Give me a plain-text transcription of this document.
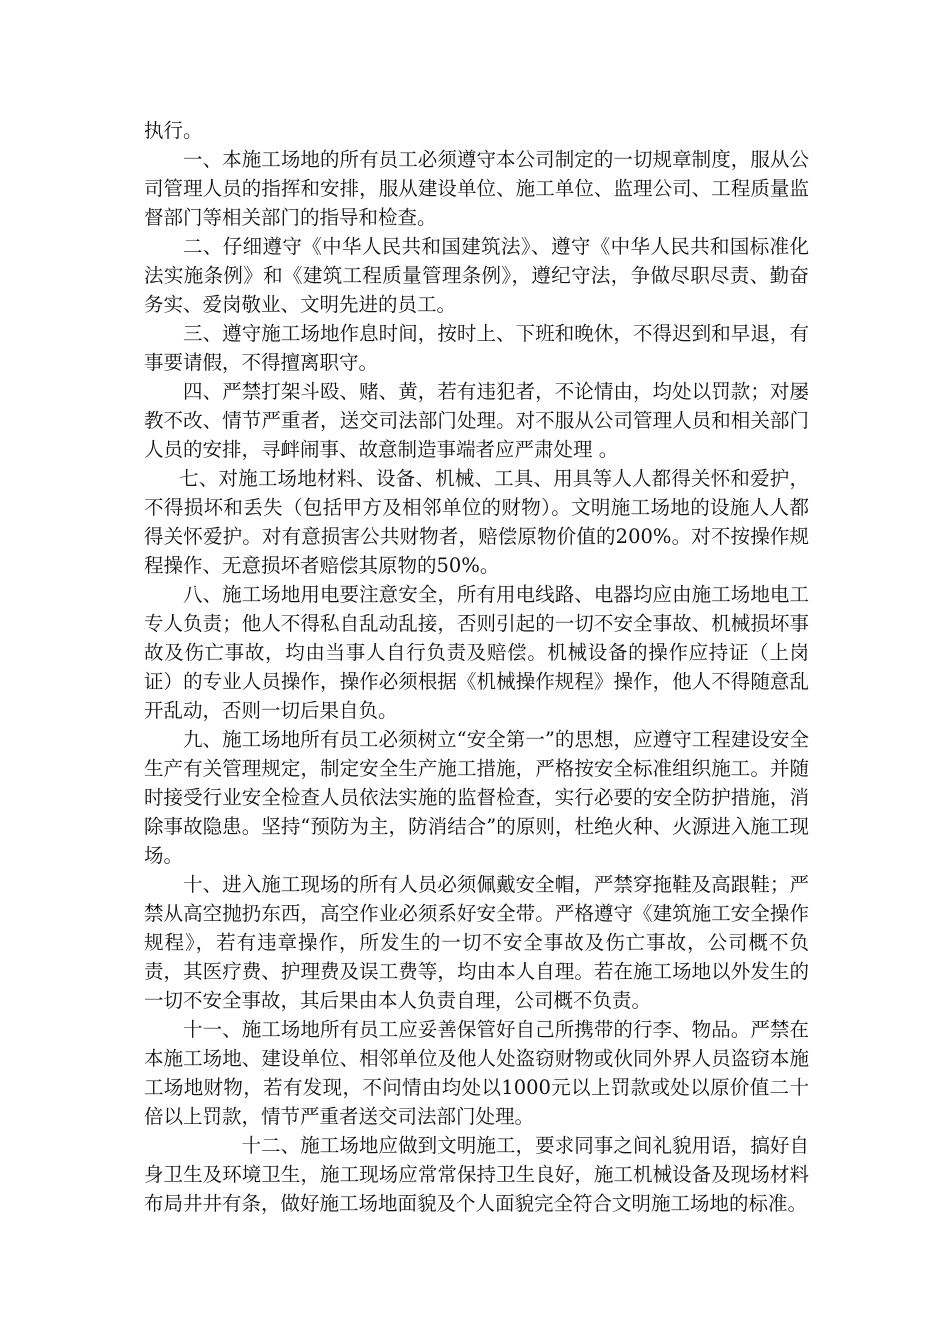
执行。

一、本施工场地的所有员工必须遵守本公司制定的一切规章制度，服从公司管理人员的指挥和安排，服从建设单位、施工单位、监理公司、工程质量监督部门等相关部门的指导和检查。

二、仔细遵守《中华人民共和国建筑法》、遵守《中华人民共和国标准化法实施条例》和《建筑工程质量管理条例》，遵纪守法，争做尽职尽责、勤奋务实、爱岗敬业、文明先进的员工。

三、遵守施工场地作息时间，按时上、下班和晚休，不得迟到和早退，有事要请假，不得擅离职守。

四、严禁打架斗殴、赌、黄，若有违犯者，不论情由，均处以罚款；对屡教不改、情节严重者，送交司法部门处理。对不服从公司管理人员和相关部门人员的安排，寻衅闹事、故意制造事端者应严肃处理 。

七、对施工场地材料、设备、机械、工具、用具等人人都得关怀和爱护，不得损坏和丢失（包括甲方及相邻单位的财物）。文明施工场地的设施人人都得关怀爱护。对有意损害公共财物者，赔偿原物价值的200%。对不按操作规程操作、无意损坏者赔偿其原物的50%。

八、施工场地用电要注意安全，所有用电线路、电器均应由施工场地电工专人负责；他人不得私自乱动乱接，否则引起的一切不安全事故、机械损坏事故及伤亡事故，均由当事人自行负责及赔偿。机械设备的操作应持证（上岗证）的专业人员操作，操作必须根据《机械操作规程》操作，他人不得随意乱开乱动，否则一切后果自负。

九、施工场地所有员工必须树立“安全第一”的思想，应遵守工程建设安全生产有关管理规定，制定安全生产施工措施，严格按安全标准组织施工。并随时接受行业安全检查人员依法实施的监督检查，实行必要的安全防护措施，消除事故隐患。坚持“预防为主，防消结合”的原则，杜绝火种、火源进入施工现场。

十、进入施工现场的所有人员必须佩戴安全帽，严禁穿拖鞋及高跟鞋；严禁从高空抛扔东西，高空作业必须系好安全带。严格遵守《建筑施工安全操作规程》，若有违章操作，所发生的一切不安全事故及伤亡事故，公司概不负责，其医疗费、护理费及误工费等，均由本人自理。若在施工场地以外发生的一切不安全事故，其后果由本人负责自理，公司概不负责。

十一、施工场地所有员工应妥善保管好自己所携带的行李、物品。严禁在本施工场地、建设单位、相邻单位及他人处盗窃财物或伙同外界人员盗窃本施工场地财物，若有发现，不问情由均处以1000元以上罚款或处以原价值二十倍以上罚款，情节严重者送交司法部门处理。

十二、施工场地应做到文明施工，要求同事之间礼貌用语，搞好自身卫生及环境卫生，施工现场应常常保持卫生良好，施工机械设备及现场材料布局井井有条，做好施工场地面貌及个人面貌完全符合文明施工场地的标准。
